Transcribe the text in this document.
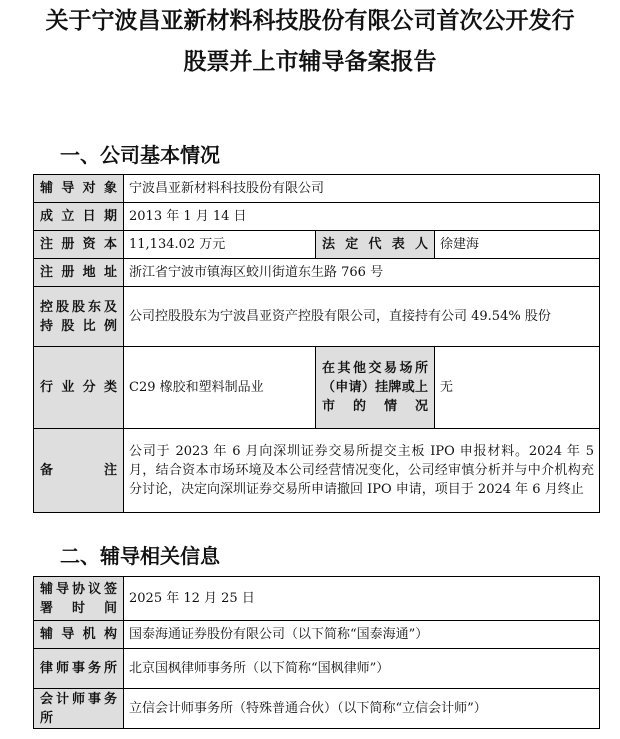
关于宁波昌亚新材料科技股份有限公司首次公开发行
股票并上市辅导备案报告
一、公司基本情况
辅导对象	宁波昌亚新材料科技股份有限公司		
成立日期	2013 年 1 月 14 日		
注册资本	11,134.02 万元	法定代表人	徐建海
注册地址	浙江省宁波市镇海区蛟川街道东生路 766 号		
控股股东及持股比例	公司控股股东为宁波昌亚资产控股有限公司，直接持有公司 49.54% 股份		
行业分类	C29 橡胶和塑料制品业	在其他交易场所（申请）挂牌或上市的情况	无
备注	公司于 2023 年 6 月向深圳证券交易所提交主板 IPO 申报材料。2024 年 5 月，结合资本市场环境及本公司经营情况变化，公司经审慎分析并与中介机构充分讨论，决定向深圳证券交易所申请撤回 IPO 申请，项目于 2024 年 6 月终止		
二、辅导相关信息
辅导协议签署时间	2025 年 12 月 25 日
辅导机构	国泰海通证券股份有限公司（以下简称“国泰海通”）
律师事务所	北京国枫律师事务所（以下简称“国枫律师”）
会计师事务所	立信会计师事务所（特殊普通合伙）（以下简称“立信会计师”）
